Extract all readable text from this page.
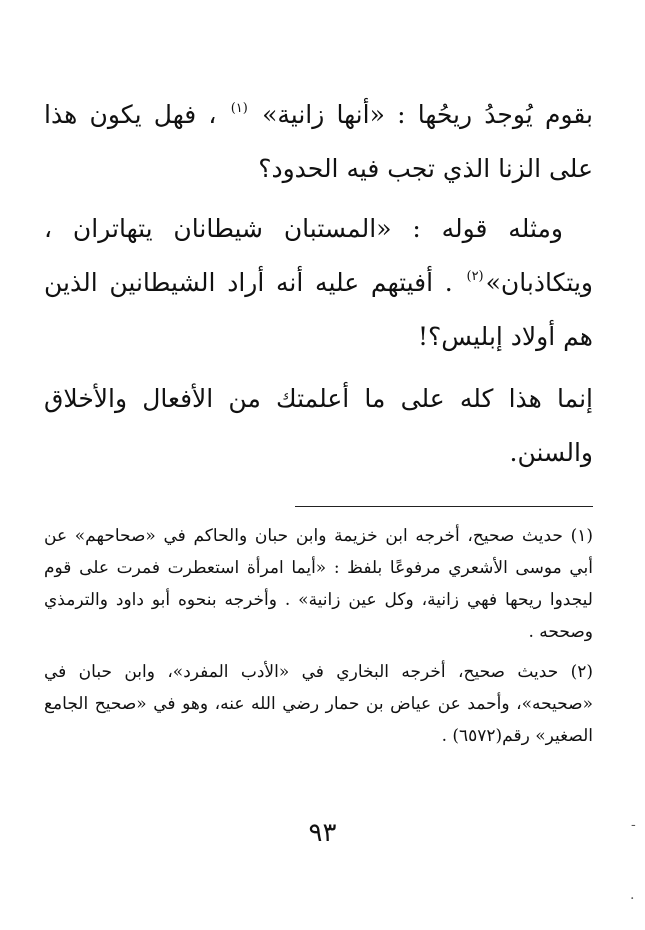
بقوم يُوجدُ ريحُها : «أنها زانية» $^{(١)}$ ، فهل يكون هذا على الزنا الذي تجب فيه الحدود؟

ومثله قوله : «المستبان شيطانان يتهاتران ، ويتكاذبان»$^{(٢)}$ . أفيتهم عليه أنه أراد الشيطانين الذين هم أولاد إبليس؟!

إنما هذا كله على ما أعلمتك من الأفعال والأخلاق والسنن.

(١) حديث صحيح، أخرجه ابن خزيمة وابن حبان والحاكم في «صحاحهم» عن أبي موسى الأشعري مرفوعًا بلفظ : «أيما امرأة استعطرت فمرت على قوم ليجدوا ريحها فهي زانية، وكل عين زانية» . وأخرجه بنحوه أبو داود والترمذي وصححه .

(٢) حديث صحيح، أخرجه البخاري في «الأدب المفرد»، وابن حبان في «صحيحه»، وأحمد عن عياض بن حمار رضي الله عنه، وهو في «صحيح الجامع الصغير» رقم(٦٥٧٢) .

٩٣	-
.
